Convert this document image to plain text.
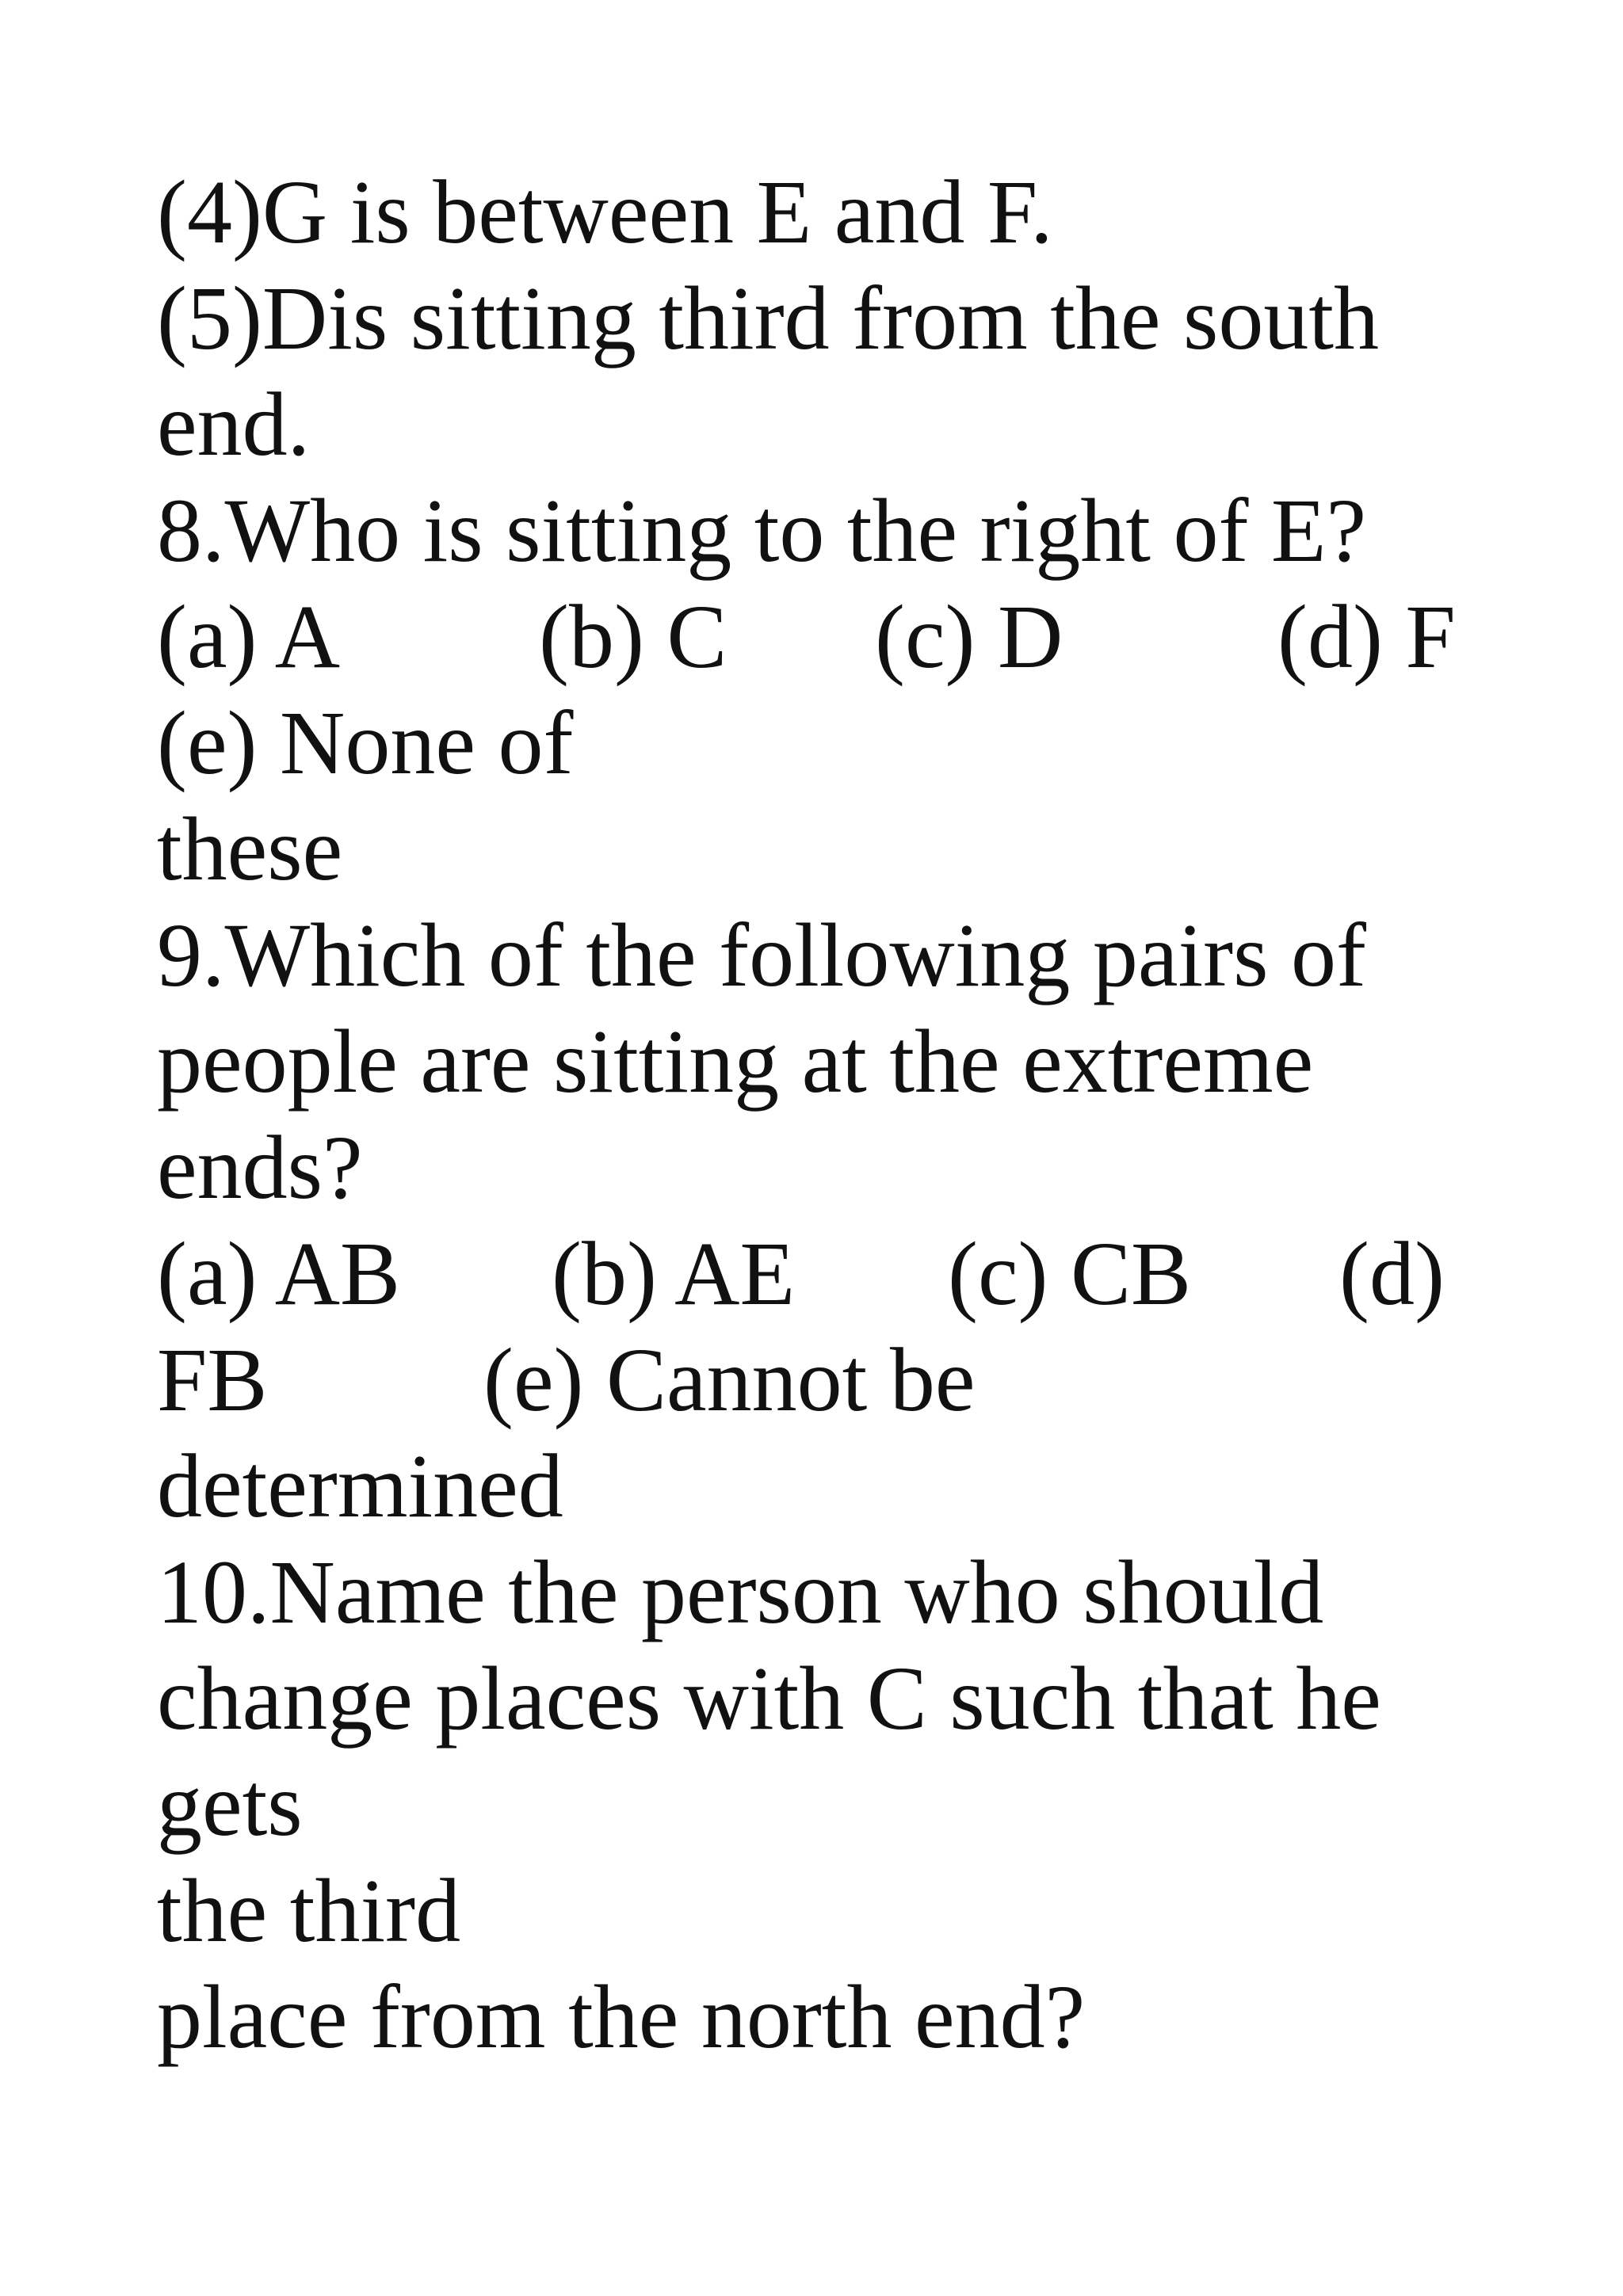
(4)G is between E and F.
(5)Dis sitting third from the south
end.
8.Who is sitting to the right of E?
(a) A (b) C (c) D (d) F
(e) None of
these
9.Which of the following pairs of
people are sitting at the extreme
ends?
(a) AB (b) AE (c) CB (d)
FB (e) Cannot be
determined
10.Name the person who should
change places with C such that he
gets
the third
place from the north end?
